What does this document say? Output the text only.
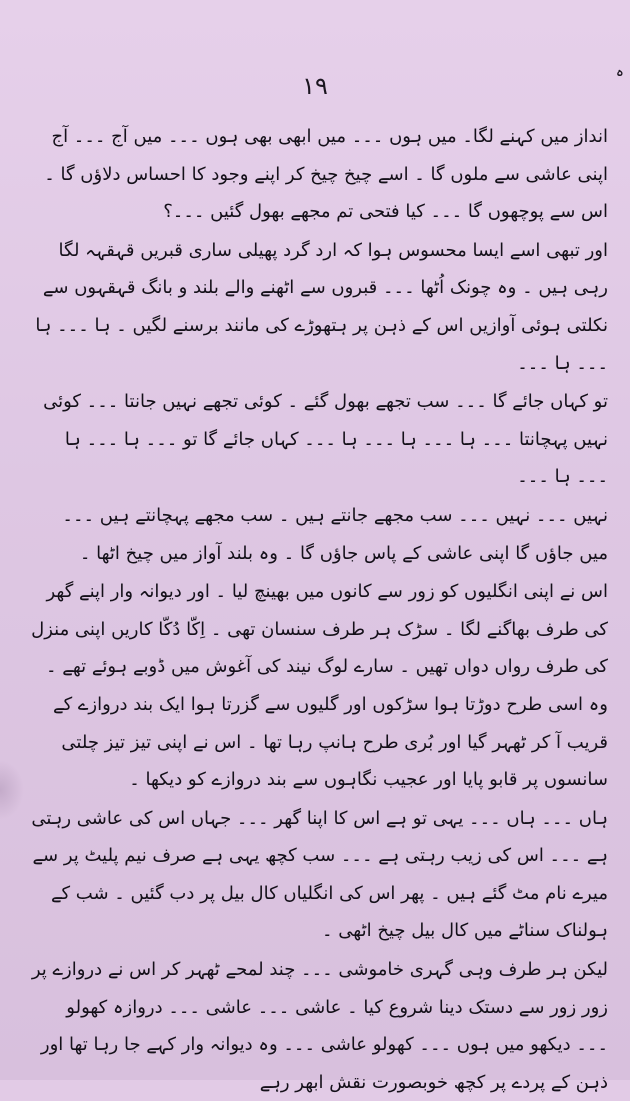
ہ
۱۹

انداز میں کہنے لگا۔ میں ہوں ۔۔۔ میں ابھی بھی ہوں ۔۔۔ میں آج ۔۔۔ آج اپنی عاشی سے ملوں گا ۔ اسے چیخ چیخ کر اپنے وجود کا احساس دلاؤں گا ۔ اس سے پوچھوں گا ۔۔۔ کیا فتحی تم مجھے بھول گئیں ۔۔۔؟

اور تبھی اسے ایسا محسوس ہوا کہ ارد گرد پھیلی ساری قبریں قہقہہ لگا رہی ہیں ۔ وہ چونک اُٹھا ۔۔۔ قبروں سے اٹھنے والے بلند و بانگ قہقہوں سے نکلتی ہوئی آوازیں اس کے ذہن پر ہتھوڑے کی مانند برسنے لگیں ۔ ہا ۔۔۔ ہا ۔۔۔ ہا ۔۔۔

تو کہاں جائے گا ۔۔۔ سب تجھے بھول گئے ۔ کوئی تجھے نہیں جانتا ۔۔۔ کوئی نہیں پہچانتا ۔۔۔ ہا ۔۔۔ ہا ۔۔۔ ہا ۔۔۔ کہاں جائے گا تو ۔۔۔ ہا ۔۔۔ ہا ۔۔۔ ہا ۔۔۔

نہیں ۔۔۔ نہیں ۔۔۔ سب مجھے جانتے ہیں ۔ سب مجھے پہچانتے ہیں ۔۔۔ میں جاؤں گا اپنی عاشی کے پاس جاؤں گا ۔ وہ بلند آواز میں چیخ اٹھا ۔

اس نے اپنی انگلیوں کو زور سے کانوں میں بھینچ لیا ۔ اور دیوانہ وار اپنے گھر کی طرف بھاگنے لگا ۔ سڑک ہر طرف سنسان تھی ۔ اِکّا دُکّا کاریں اپنی منزل کی طرف رواں دواں تھیں ۔ سارے لوگ نیند کی آغوش میں ڈوبے ہوئے تھے ۔ وہ اسی طرح دوڑتا ہوا سڑکوں اور گلیوں سے گزرتا ہوا ایک بند دروازے کے قریب آ کر ٹھہر گیا اور بُری طرح ہانپ رہا تھا ۔ اس نے اپنی تیز تیز چلتی سانسوں پر قابو پایا اور عجیب نگاہوں سے بند دروازے کو دیکھا ۔

ہاں ۔۔۔ ہاں ۔۔۔ یہی تو ہے اس کا اپنا گھر ۔۔۔ جہاں اس کی عاشی رہتی ہے ۔۔۔ اس کی زیب رہتی ہے ۔۔۔ سب کچھ یہی ہے صرف نیم پلیٹ پر سے میرے نام مٹ گئے ہیں ۔ پھر اس کی انگلیاں کال بیل پر دب گئیں ۔ شب کے ہولناک سناٹے میں کال بیل چیخ اٹھی ۔

لیکن ہر طرف وہی گہری خاموشی ۔۔۔ چند لمحے ٹھہر کر اس نے دروازے پر زور زور سے دستک دینا شروع کیا ۔ عاشی ۔۔۔ عاشی ۔۔۔ دروازہ کھولو ۔۔۔ دیکھو میں ہوں ۔۔۔ کھولو عاشی ۔۔۔ وہ دیوانہ وار کہے جا رہا تھا اور ذہن کے پردے پر کچھ خوبصورت نقش ابھر رہے
